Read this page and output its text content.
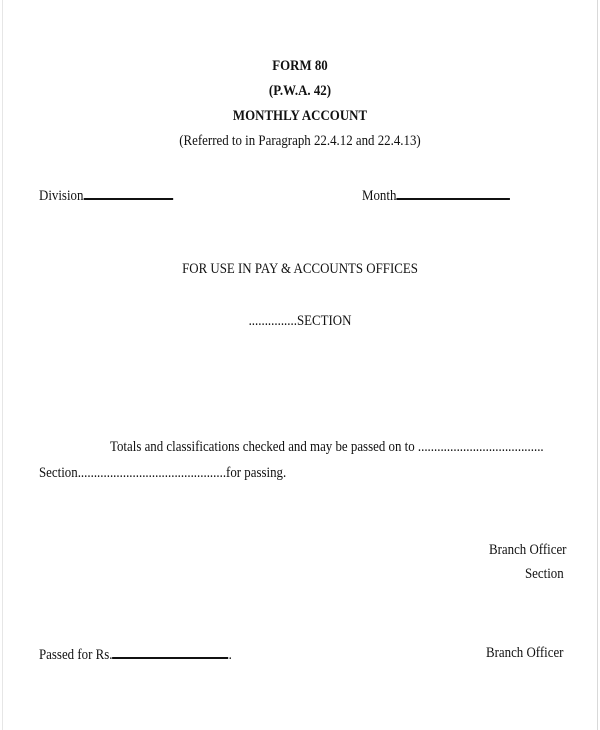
FORM 80
(P.W.A. 42)
MONTHLY ACCOUNT
(Referred to in Paragraph 22.4.12 and 22.4.13)
Division	Month
FOR USE IN PAY & ACCOUNTS OFFICES
...............SECTION
Totals and classifications checked and may be passed on to .......................................
Section..............................................for passing.
Branch Officer
Section
Passed for Rs.	.	Branch Officer
